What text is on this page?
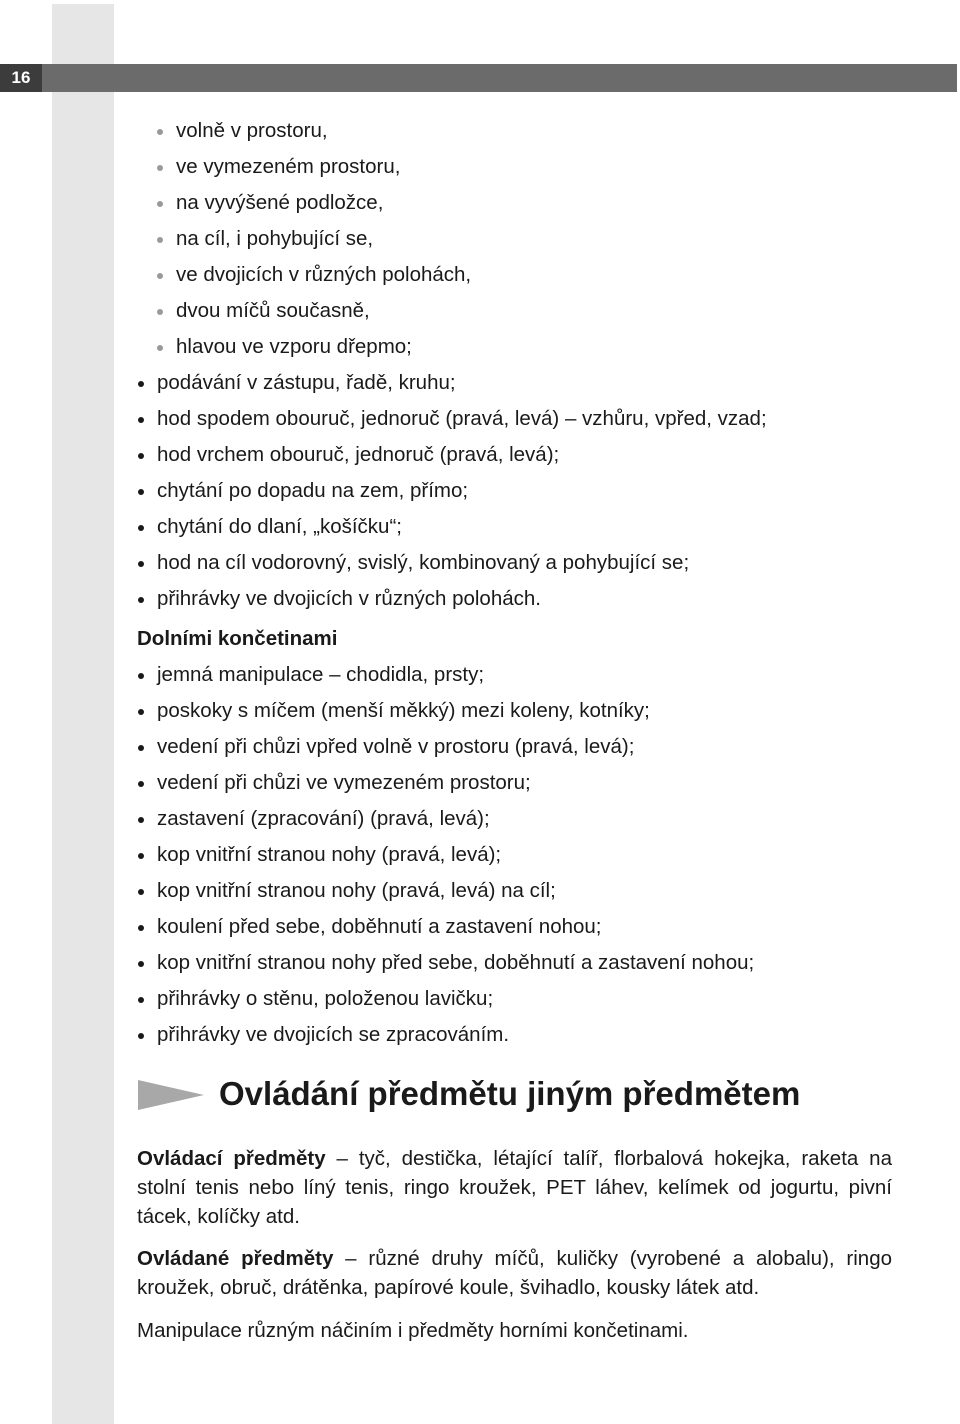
16
volně v prostoru,
ve vymezeném prostoru,
na vyvýšené podložce,
na cíl, i pohybující se,
ve dvojicích v různých polohách,
dvou míčů současně,
hlavou ve vzporu dřepmo;
podávání v zástupu, řadě, kruhu;
hod spodem obouruč, jednoruč (pravá, levá) – vzhůru, vpřed, vzad;
hod vrchem obouruč, jednoruč (pravá, levá);
chytání po dopadu na zem, přímo;
chytání do dlaní, „košíčku“;
hod na cíl vodorovný, svislý, kombinovaný a pohybující se;
přihrávky ve dvojicích v různých polohách.
Dolními končetinami
jemná manipulace – chodidla, prsty;
poskoky s míčem (menší měkký) mezi koleny, kotníky;
vedení při chůzi vpřed volně v prostoru (pravá, levá);
vedení při chůzi ve vymezeném prostoru;
zastavení (zpracování) (pravá, levá);
kop vnitřní stranou nohy (pravá, levá);
kop vnitřní stranou nohy (pravá, levá) na cíl;
koulení před sebe, doběhnutí a zastavení nohou;
kop vnitřní stranou nohy před sebe, doběhnutí a zastavení nohou;
přihrávky o stěnu, položenou lavičku;
přihrávky ve dvojicích se zpracováním.
Ovládání předmětu jiným předmětem

Ovládací předměty – tyč, destička, létající talíř, florbalová hokejka, raketa na stolní tenis nebo líný tenis, ringo kroužek, PET láhev, kelímek od jogurtu, pivní tácek, kolíčky atd.

Ovládané předměty – různé druhy míčů, kuličky (vyrobené a alobalu), ringo kroužek, obruč, drátěnka, papírové koule, švihadlo, kousky látek atd.

Manipulace různým náčiním i předměty horními končetinami.
